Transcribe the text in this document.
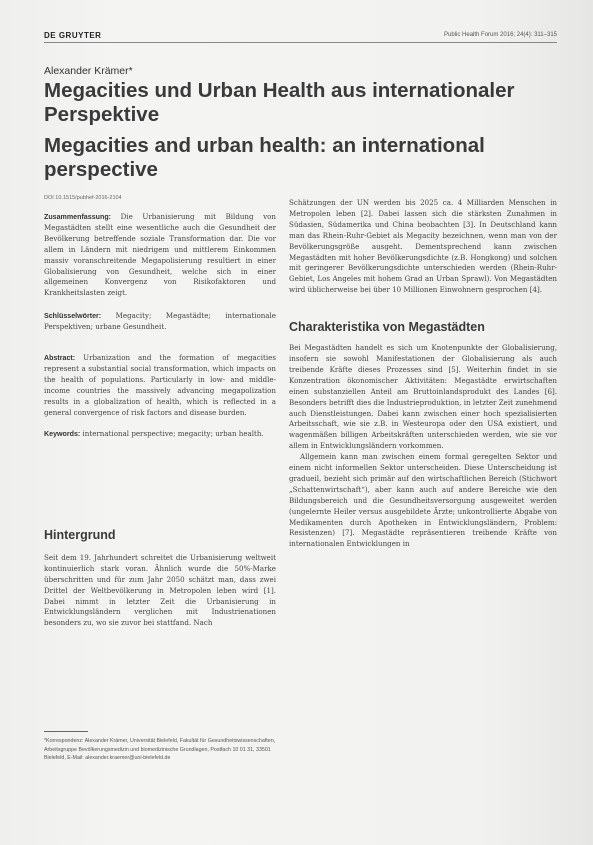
DE GRUYTER	Public Health Forum 2016; 24(4): 311–315
Alexander Krämer*
Megacities und Urban Health aus internationaler Perspektive
Megacities and urban health: an international perspective
DOI 10.1515/pubhef-2016-2104

Zusammenfassung: Die Urbanisierung mit Bildung von Megastädten stellt eine wesentliche auch die Gesundheit der Bevölkerung betreffende soziale Transformation dar. Die vor allem in Ländern mit niedrigem und mittlerem Einkommen massiv voranschreitende Megapolisierung resultiert in einer Globalisierung von Gesundheit, welche sich in einer allgemeinen Konvergenz von Risikofaktoren und Krankheitslasten zeigt.

Schlüsselwörter: Megacity; Megastädte; internationale Perspektiven; urbane Gesundheit.

Abstract: Urbanization and the formation of megacities represent a substantial social transformation, which impacts on the health of populations. Particularly in low- and middle-income countries the massively advancing megapolization results in a globalization of health, which is reflected in a general convergence of risk factors and disease burden.

Keywords: international perspective; megacity; urban health.

Hintergrund

Seit dem 19. Jahrhundert schreitet die Urbanisierung weltweit kontinuierlich stark voran. Ähnlich wurde die 50%-Marke überschritten und für zum Jahr 2050 schätzt man, dass zwei Drittel der Weltbevölkerung in Metropolen leben wird [1]. Dabei nimmt in letzter Zeit die Urbanisierung in Entwicklungsländern verglichen mit Industrienationen besonders zu, wo sie zuvor bei stattfand. Nach

*Korrespondenz: Alexander Krämer, Universität Bielefeld, Fakultät für Gesundheitswissenschaften, Arbeitsgruppe Bevölkerungsmedizin und biomedizinische Grundlagen, Postfach 10 01 31, 33501 Bielefeld, E-Mail: alexander.kraemer@uni-bielefeld.de

Schätzungen der UN werden bis 2025 ca. 4 Milliarden Menschen in Metropolen leben [2]. Dabei lassen sich die stärksten Zunahmen in Südasien, Südamerika und China beobachten [3]. In Deutschland kann man das Rhein-Ruhr-Gebiet als Megacity bezeichnen, wenn man von der Bevölkerungsgröße ausgeht. Dementsprechend kann zwischen Megastädten mit hoher Bevölkerungsdichte (z.B. Hongkong) und solchen mit geringerer Bevölkerungsdichte unterschieden werden (Rhein-Ruhr-Gebiet, Los Angeles mit hohem Grad an Urban Sprawl). Von Megastädten wird üblicherweise bei über 10 Millionen Einwohnern gesprochen [4].

Charakteristika von Megastädten

Bei Megastädten handelt es sich um Knotenpunkte der Globalisierung, insofern sie sowohl Manifestationen der Globalisierung als auch treibende Kräfte dieses Prozesses sind [5]. Weiterhin findet in sie Konzentration ökonomischer Aktivitäten: Megastädte erwirtschaften einen substanziellen Anteil am Bruttoinlandsprodukt des Landes [6]. Besonders betrifft dies die Industrieproduktion, in letzter Zeit zunehmend auch Dienstleistungen. Dabei kann zwischen einer hoch spezialisierten Arbeitsschaft, wie sie z.B. in Westeuropa oder den USA existiert, und wagenmäßen billigen Arbeitskräften unterschieden werden, wie sie vor allem in Entwicklungsländern vorkommen.

Allgemein kann man zwischen einem formal geregelten Sektor und einem nicht informellen Sektor unterscheiden. Diese Unterscheidung ist gradueil, bezieht sich primär auf den wirtschaftlichen Bereich (Stichwort „Schattenwirtschaft“), aber kann auch auf andere Bereiche wie den Bildungsbereich und die Gesundheitsversorgung ausgeweitet werden (ungelernte Heiler versus ausgebildete Ärzte; unkontrollierte Abgabe von Medikamenten durch Apotheken in Entwicklungsländern, Problem: Resistenzen) [7]. Megastädte repräsentieren treibende Kräfte von internationalen Entwicklungen in
